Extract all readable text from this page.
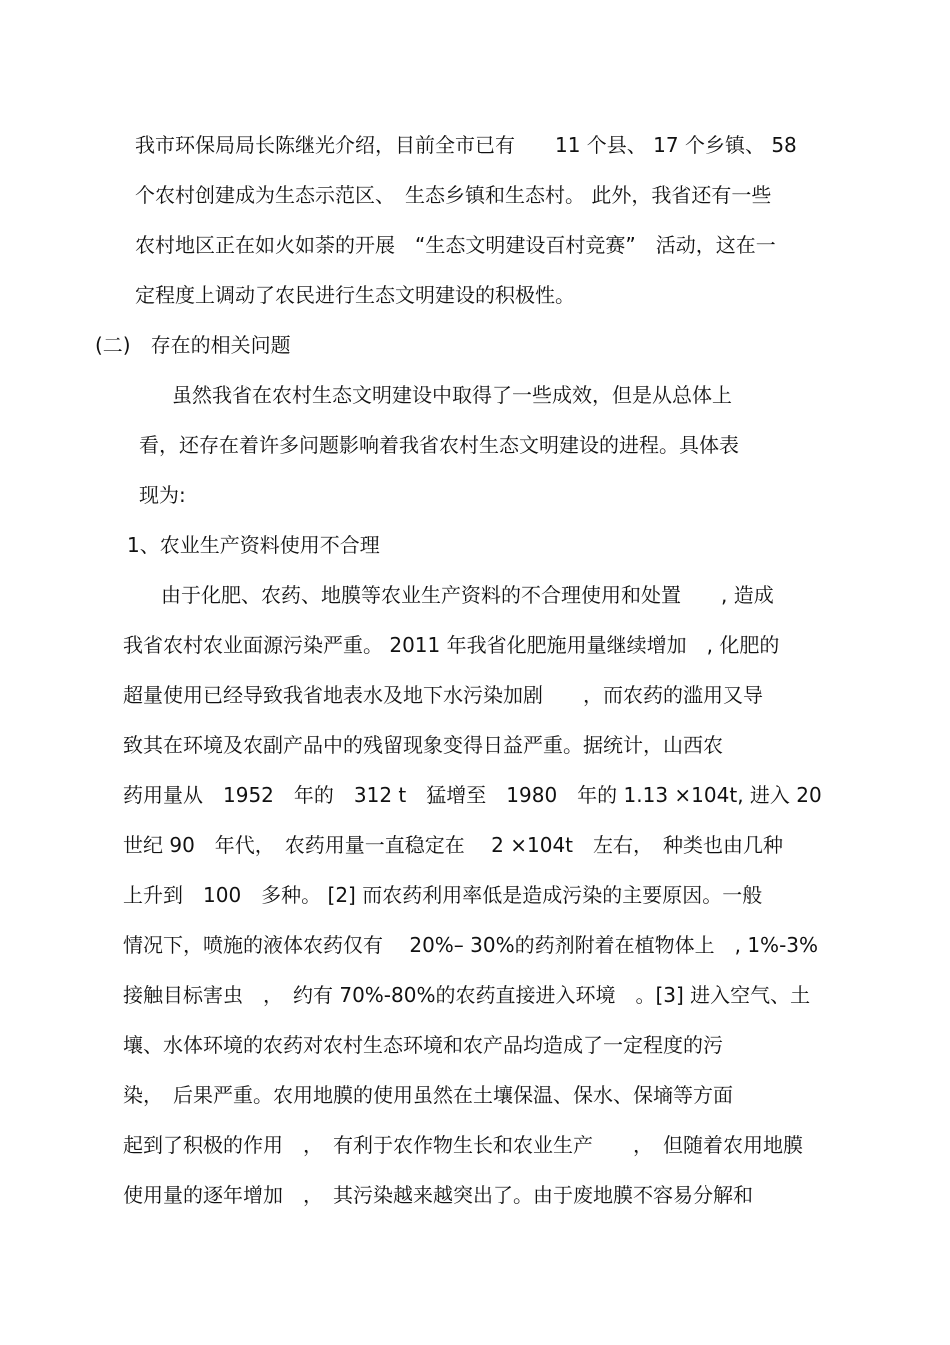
我市环保局局长陈继光介绍，目前全市已有　　11 个县、 17 个乡镇、 58
个农村创建成为生态示范区、　生态乡镇和生态村。 此外，我省还有一些
农村地区正在如火如荼的开展　“生态文明建设百村竞赛”　活动，这在一
定程度上调动了农民进行生态文明建设的积极性。
(二)　存在的相关问题
虽然我省在农村生态文明建设中取得了一些成效，但是从总体上
看，还存在着许多问题影响着我省农村生态文明建设的进程。具体表
现为:
1、农业生产资料使用不合理
由于化肥、农药、地膜等农业生产资料的不合理使用和处置　　, 造成
我省农村农业面源污染严重。 2011 年我省化肥施用量继续增加　, 化肥的
超量使用已经导致我省地表水及地下水污染加剧　　，而农药的滥用又导
致其在环境及农副产品中的残留现象变得日益严重。据统计，山西农
药用量从　1952　年的　312 t　猛增至　1980　年的 1.13 ×104t, 进入 20
世纪 90　年代，　农药用量一直稳定在　 2 ×104t　左右，　种类也由几种
上升到　100　多种。 [2] 而农药利用率低是造成污染的主要原因。一般
情况下，喷施的液体农药仅有　 20%– 30%的药剂附着在植物体上　, 1%-3%
接触目标害虫　，　约有 70%-80%的农药直接进入环境　。[3] 进入空气、土
壤、水体环境的农药对农村生态环境和农产品均造成了一定程度的污
染，　后果严重。农用地膜的使用虽然在土壤保温、保水、保墒等方面
起到了积极的作用　，　有利于农作物生长和农业生产　　，　但随着农用地膜
使用量的逐年增加　，　其污染越来越突出了。由于废地膜不容易分解和
